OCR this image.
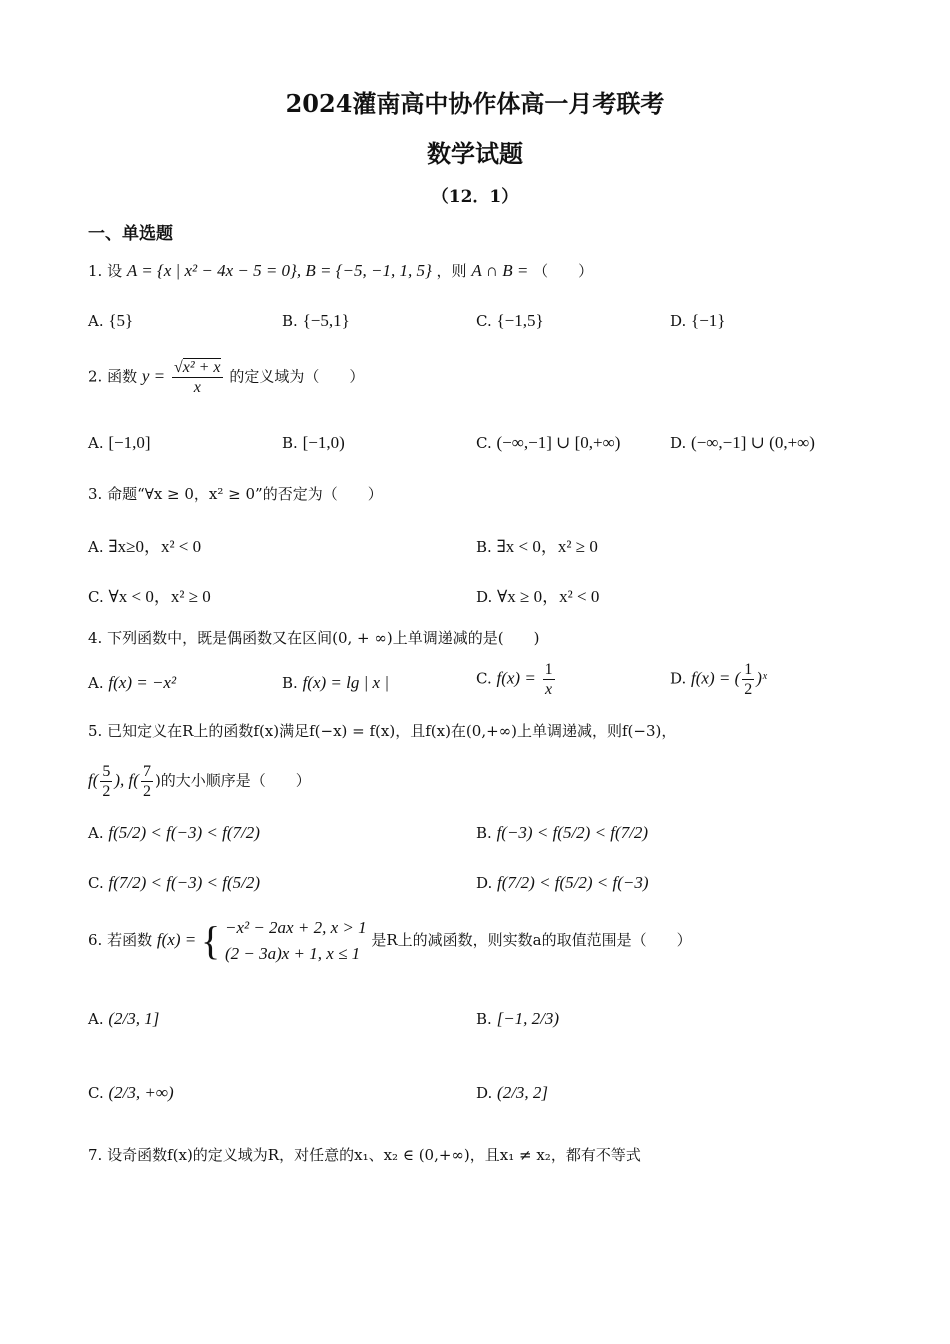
2024灌南高中协作体高一月考联考
数学试题
（12．1）
一、单选题
1. 设 A = {x | x² − 4x − 5 = 0}, B = {−5, −1, 1, 5} ，则 A ∩ B = （　　）
A. {5}	B. {−5,1}	C. {−1,5}	D. {−1}
2. 函数 $y = \frac{\text{√x² + x}}{x}$ 的定义域为（　　）
A. [−1,0]	B. [−1,0)	C. (−∞,−1] ∪ [0,+∞)	D. (−∞,−1] ∪ (0,+∞)
3. 命题“∀x ≥ 0，x² ≥ 0”的否定为（　　）
A. ∃x≥0，x² < 0	B. ∃x < 0，x² ≥ 0
C. ∀x < 0，x² ≥ 0	D. ∀x ≥ 0，x² < 0
4. 下列函数中，既是偶函数又在区间(0, + ∞)上单调递减的是(　　)
A. f(x) = −x²	B. f(x) = lg | x |	C. $f(x) = \frac{1}{x}$	D. f(x) = ( $\frac{1}{2}$ )ˣ
5. 已知定义在R上的函数f(x)满足f(−x) = f(x)，且f(x)在(0,+∞)上单调递减，则f(−3)，
$f( \frac{5}{2}$ ), $f( \frac{7}{2}$ )的大小顺序是（　　）
A. f(5/2) < f(−3) < f(7/2)	B. f(−3) < f(5/2) < f(7/2)
C. f(7/2) < f(−3) < f(5/2)	D. f(7/2) < f(5/2) < f(−3)
6. 若函数 f(x) = { −x² − 2ax + 2, x > 1
(2 − 3a)x + 1, x ≤ 1
是R上的减函数，则实数a的取值范围是（　　）
A. (2/3, 1]	B. [−1, 2/3)
C. (2/3, +∞)	D. (2/3, 2]
7. 设奇函数f(x)的定义域为R，对任意的x₁、x₂ ∈ (0,+∞)，且x₁ ≠ x₂，都有不等式
